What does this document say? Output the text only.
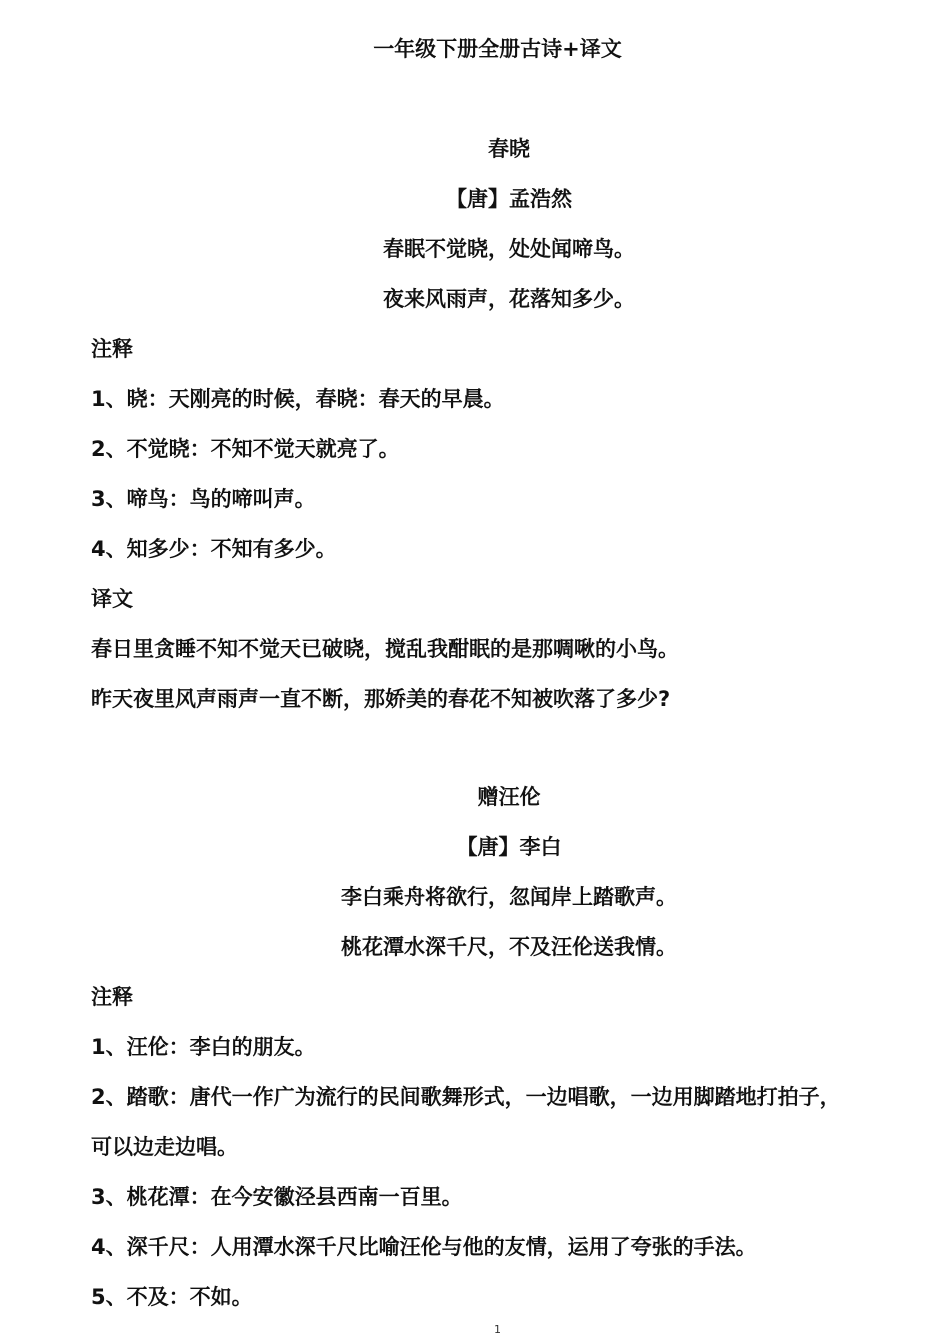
一年级下册全册古诗+译文
春晓
【唐】孟浩然
春眠不觉晓，处处闻啼鸟。
夜来风雨声，花落知多少。
注释
1、晓：天刚亮的时候，春晓：春天的早晨。
2、不觉晓：不知不觉天就亮了。
3、啼鸟：鸟的啼叫声。
4、知多少：不知有多少。
译文
春日里贪睡不知不觉天已破晓，搅乱我酣眠的是那啁啾的小鸟。
昨天夜里风声雨声一直不断，那娇美的春花不知被吹落了多少?
赠汪伦
【唐】李白
李白乘舟将欲行，忽闻岸上踏歌声。
桃花潭水深千尺，不及汪伦送我情。
注释
1、汪伦：李白的朋友。
2、踏歌：唐代一作广为流行的民间歌舞形式，一边唱歌，一边用脚踏地打拍子，
可以边走边唱。
3、桃花潭：在今安徽泾县西南一百里。
4、深千尺：人用潭水深千尺比喻汪伦与他的友情，运用了夸张的手法。
5、不及：不如。
1
